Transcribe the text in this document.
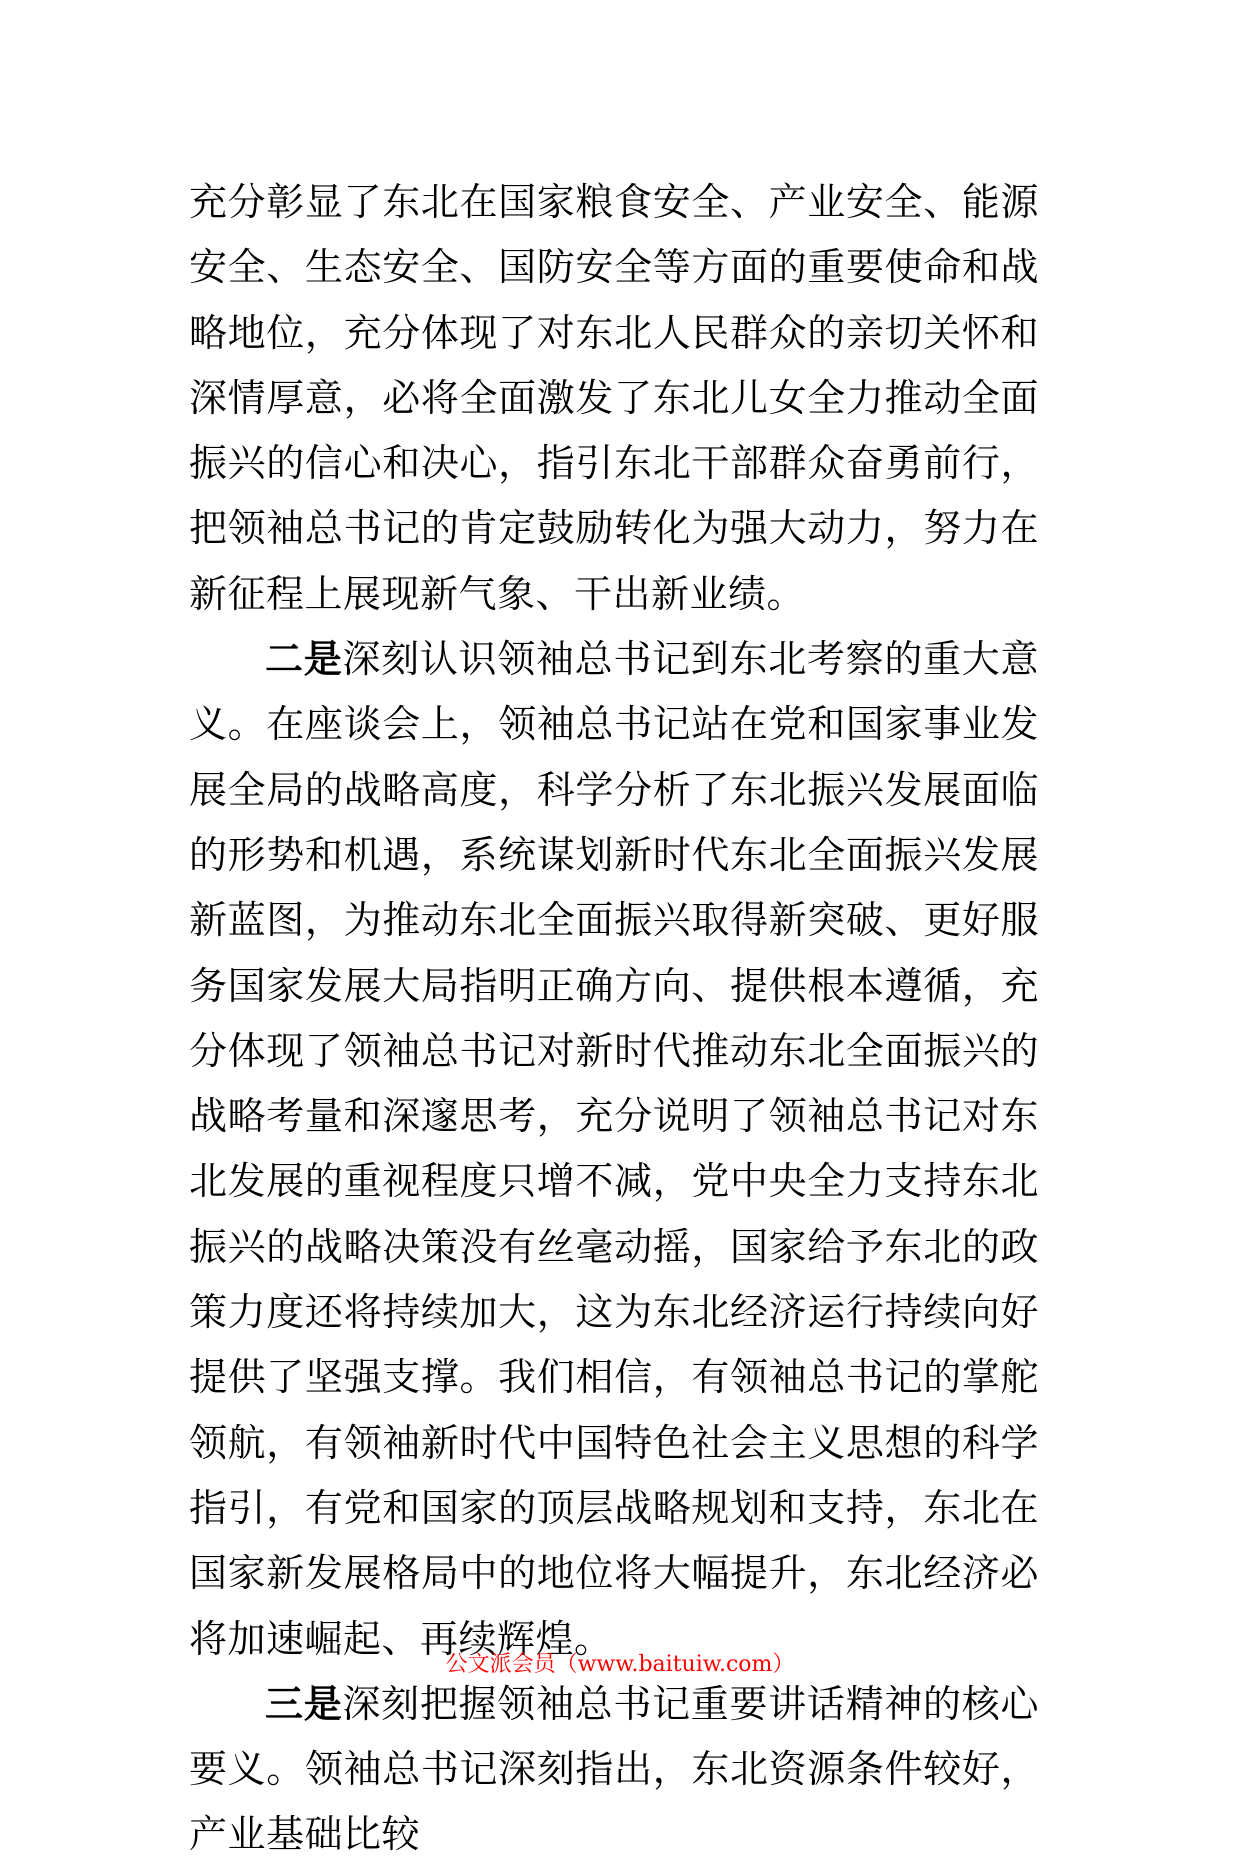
充分彰显了东北在国家粮食安全、产业安全、能源安全、生态安全、国防安全等方面的重要使命和战略地位，充分体现了对东北人民群众的亲切关怀和深情厚意，必将全面激发了东北儿女全力推动全面振兴的信心和决心，指引东北干部群众奋勇前行，把领袖总书记的肯定鼓励转化为强大动力，努力在新征程上展现新气象、干出新业绩。

二是深刻认识领袖总书记到东北考察的重大意义。在座谈会上，领袖总书记站在党和国家事业发展全局的战略高度，科学分析了东北振兴发展面临的形势和机遇，系统谋划新时代东北全面振兴发展新蓝图，为推动东北全面振兴取得新突破、更好服务国家发展大局指明正确方向、提供根本遵循，充分体现了领袖总书记对新时代推动东北全面振兴的战略考量和深邃思考，充分说明了领袖总书记对东北发展的重视程度只增不减，党中央全力支持东北振兴的战略决策没有丝毫动摇，国家给予东北的政策力度还将持续加大，这为东北经济运行持续向好提供了坚强支撑。我们相信，有领袖总书记的掌舵领航，有领袖新时代中国特色社会主义思想的科学指引，有党和国家的顶层战略规划和支持，东北在国家新发展格局中的地位将大幅提升，东北经济必将加速崛起、再续辉煌。

三是深刻把握领袖总书记重要讲话精神的核心要义。领袖总书记深刻指出，东北资源条件较好，产业基础比较

公文派会员（www.baituiw.com）
